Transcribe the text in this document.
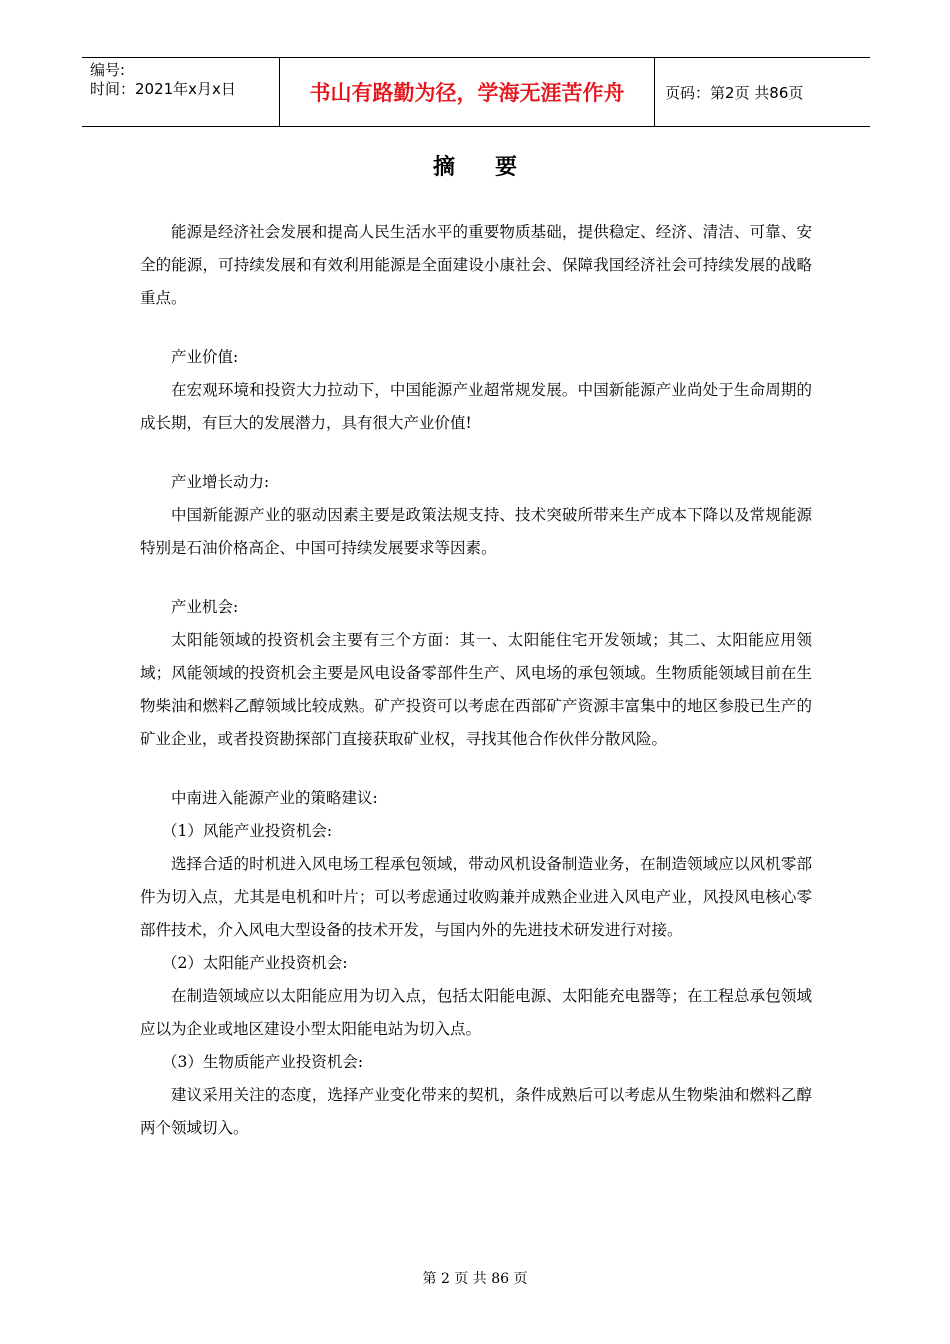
编号:
时间：2021年x月x日	书山有路勤为径，学海无涯苦作舟	页码：第2页 共86页
摘要

能源是经济社会发展和提高人民生活水平的重要物质基础，提供稳定、经济、清洁、可靠、安全的能源，可持续发展和有效利用能源是全面建设小康社会、保障我国经济社会可持续发展的战略重点。

产业价值:

在宏观环境和投资大力拉动下，中国能源产业超常规发展。中国新能源产业尚处于生命周期的成长期，有巨大的发展潜力，具有很大产业价值!

产业增长动力:

中国新能源产业的驱动因素主要是政策法规支持、技术突破所带来生产成本下降以及常规能源特别是石油价格高企、中国可持续发展要求等因素。

产业机会:

太阳能领域的投资机会主要有三个方面：其一、太阳能住宅开发领域；其二、太阳能应用领域；风能领域的投资机会主要是风电设备零部件生产、风电场的承包领域。生物质能领域目前在生物柴油和燃料乙醇领域比较成熟。矿产投资可以考虑在西部矿产资源丰富集中的地区参股已生产的矿业企业，或者投资勘探部门直接获取矿业权，寻找其他合作伙伴分散风险。

中南进入能源产业的策略建议:

（1）风能产业投资机会:

选择合适的时机进入风电场工程承包领域，带动风机设备制造业务，在制造领域应以风机零部件为切入点，尤其是电机和叶片；可以考虑通过收购兼并成熟企业进入风电产业，风投风电核心零部件技术，介入风电大型设备的技术开发，与国内外的先进技术研发进行对接。

（2）太阳能产业投资机会:

在制造领域应以太阳能应用为切入点，包括太阳能电源、太阳能充电器等；在工程总承包领域应以为企业或地区建设小型太阳能电站为切入点。

（3）生物质能产业投资机会:

建议采用关注的态度，选择产业变化带来的契机，条件成熟后可以考虑从生物柴油和燃料乙醇两个领域切入。

第 2 页 共 86 页
